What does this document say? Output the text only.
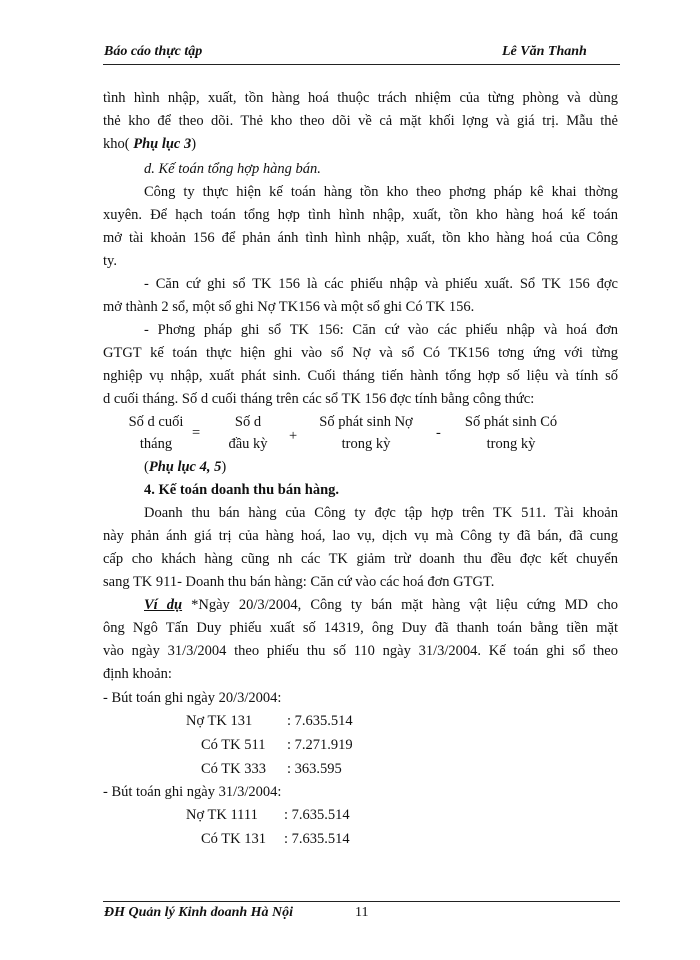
Báo cáo thực tập	Lê Văn Thanh
tình hình nhập, xuất, tồn hàng hoá thuộc trách nhiệm của từng phòng và dùng
thẻ kho để theo dõi. Thẻ kho theo dõi về cả mặt khối lợng và giá trị. Mẫu thẻ
kho( Phụ lục 3)
d. Kế toán tổng hợp hàng bán.
Công ty thực hiện kế toán hàng tồn kho theo phơng pháp kê khai thờng
xuyên. Để hạch toán tổng hợp tình hình nhập, xuất, tồn kho hàng hoá kế toán
mở tài khoản 156 để phản ánh tình hình nhập, xuất, tồn kho hàng hoá của Công
ty.
- Căn cứ ghi sổ TK 156 là các phiếu nhập và phiếu xuất. Sổ TK 156 đợc
mở thành 2 sổ, một sổ ghi Nợ TK156 và một sổ ghi Có TK 156.
- Phơng pháp ghi sổ TK 156: Căn cứ vào các phiếu nhập và hoá đơn
GTGT kế toán thực hiện ghi vào sổ Nợ và sổ Có TK156 tơng ứng với từng
nghiệp vụ nhập, xuất phát sinh. Cuối tháng tiến hành tổng hợp số liệu và tính số
d cuối tháng. Số d cuối tháng trên các sổ TK 156 đợc tính bằng công thức:
Số d cuối
tháng
=
Số d
đầu kỳ	+
Số phát sinh Nợ
trong kỳ
-
Số phát sinh Có
trong kỳ
(Phụ lục 4, 5)
4. Kế toán doanh thu bán hàng.
Doanh thu bán hàng của Công ty đợc tập hợp trên TK 511. Tài khoản
này phản ánh giá trị của hàng hoá, lao vụ, dịch vụ mà Công ty đã bán, đã cung
cấp cho khách hàng cũng nh các TK giảm trừ doanh thu đều đợc kết chuyển
sang TK 911- Doanh thu bán hàng: Căn cứ vào các hoá đơn GTGT.
Ví dụ *Ngày 20/3/2004, Công ty bán mặt hàng vật liệu cứng MD cho
ông Ngô Tấn Duy phiếu xuất số 14319, ông Duy đã thanh toán bằng tiền mặt
vào ngày 31/3/2004 theo phiếu thu số 110 ngày 31/3/2004. Kế toán ghi sổ theo
định khoản:
- Bút toán ghi ngày 20/3/2004:
Nợ TK 131 : 7.635.514
Có TK 511 : 7.271.919
Có TK 333 : 363.595
- Bút toán ghi ngày 31/3/2004:
Nợ TK 1111 : 7.635.514
Có TK 131 : 7.635.514
ĐH Quản lý Kinh doanh Hà Nội	11
